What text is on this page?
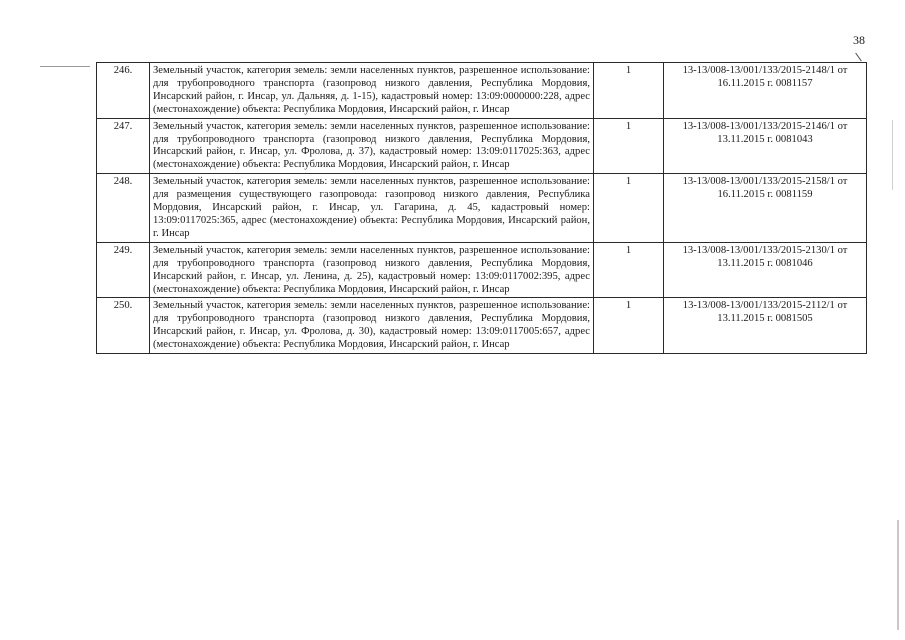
38
246.	Земельный участок, категория земель: земли населенных пунктов, разрешенное использование: для трубопроводного транспорта (газопровод низкого давления, Республика Мордовия, Инсарский район, г. Инсар, ул. Дальняя, д. 1-15), кадастровый номер: 13:09:0000000:228, адрес (местонахождение) объекта: Республика Мордовия, Инсарский район, г. Инсар	1	13-13/008-13/001/133/2015-2148/1 от 16.11.2015 г. 0081157
247.	Земельный участок, категория земель: земли населенных пунктов, разрешенное использование: для трубопроводного транспорта (газопровод низкого давления, Республика Мордовия, Инсарский район, г. Инсар, ул. Фролова, д. 37), кадастровый номер: 13:09:0117025:363, адрес (местонахождение) объекта: Республика Мордовия, Инсарский район, г. Инсар	1	13-13/008-13/001/133/2015-2146/1 от 13.11.2015 г. 0081043
248.	Земельный участок, категория земель: земли населенных пунктов, разрешенное использование: для размещения существующего газопровода: газопровод низкого давления, Республика Мордовия, Инсарский район, г. Инсар, ул. Гагарина, д. 45, кадастровый номер: 13:09:0117025:365, адрес (местонахождение) объекта: Республика Мордовия, Инсарский район, г. Инсар	1	13-13/008-13/001/133/2015-2158/1 от 16.11.2015 г. 0081159
249.	Земельный участок, категория земель: земли населенных пунктов, разрешенное использование: для трубопроводного транспорта (газопровод низкого давления, Республика Мордовия, Инсарский район, г. Инсар, ул. Ленина, д. 25), кадастровый номер: 13:09:0117002:395, адрес (местонахождение) объекта: Республика Мордовия, Инсарский район, г. Инсар	1	13-13/008-13/001/133/2015-2130/1 от 13.11.2015 г. 0081046
250.	Земельный участок, категория земель: земли населенных пунктов, разрешенное использование: для трубопроводного транспорта (газопровод низкого давления, Республика Мордовия, Инсарский район, г. Инсар, ул. Фролова, д. 30), кадастровый номер: 13:09:0117005:657, адрес (местонахождение) объекта: Республика Мордовия, Инсарский район, г. Инсар	1	13-13/008-13/001/133/2015-2112/1 от 13.11.2015 г. 0081505
